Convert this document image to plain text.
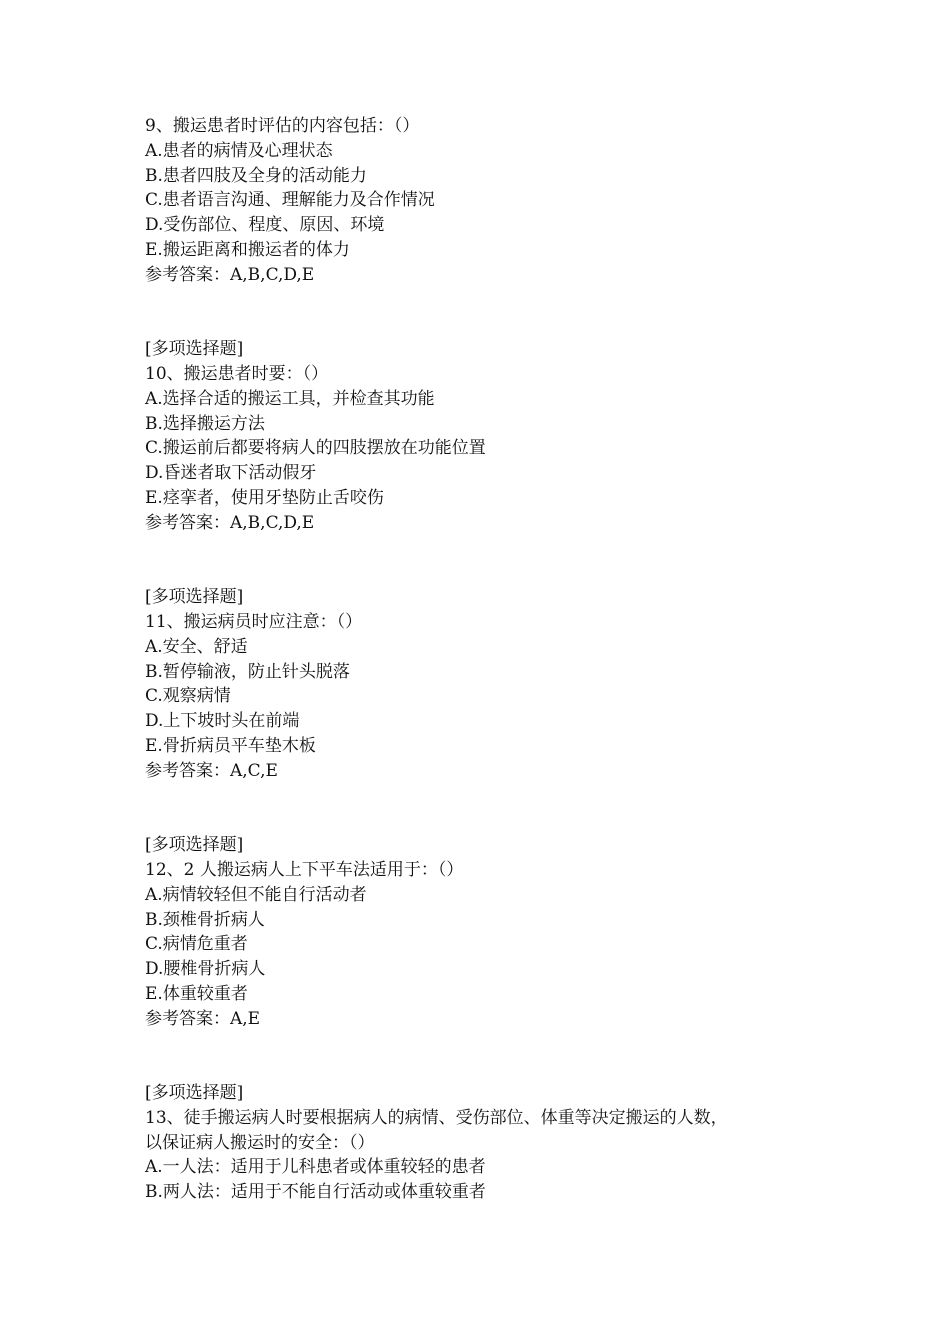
9、搬运患者时评估的内容包括：（）

A.患者的病情及心理状态

B.患者四肢及全身的活动能力

C.患者语言沟通、理解能力及合作情况

D.受伤部位、程度、原因、环境

E.搬运距离和搬运者的体力

参考答案：A,B,C,D,E

[多项选择题]

10、搬运患者时要：（）

A.选择合适的搬运工具，并检查其功能

B.选择搬运方法

C.搬运前后都要将病人的四肢摆放在功能位置

D.昏迷者取下活动假牙

E.痉挛者，使用牙垫防止舌咬伤

参考答案：A,B,C,D,E

[多项选择题]

11、搬运病员时应注意：（）

A.安全、舒适

B.暂停输液，防止针头脱落

C.观察病情

D.上下坡时头在前端

E.骨折病员平车垫木板

参考答案：A,C,E

[多项选择题]

12、2 人搬运病人上下平车法适用于：（）

A.病情较轻但不能自行活动者

B.颈椎骨折病人

C.病情危重者

D.腰椎骨折病人

E.体重较重者

参考答案：A,E

[多项选择题]

13、徒手搬运病人时要根据病人的病情、受伤部位、体重等决定搬运的人数，

以保证病人搬运时的安全：（）

A.一人法：适用于儿科患者或体重较轻的患者

B.两人法：适用于不能自行活动或体重较重者
